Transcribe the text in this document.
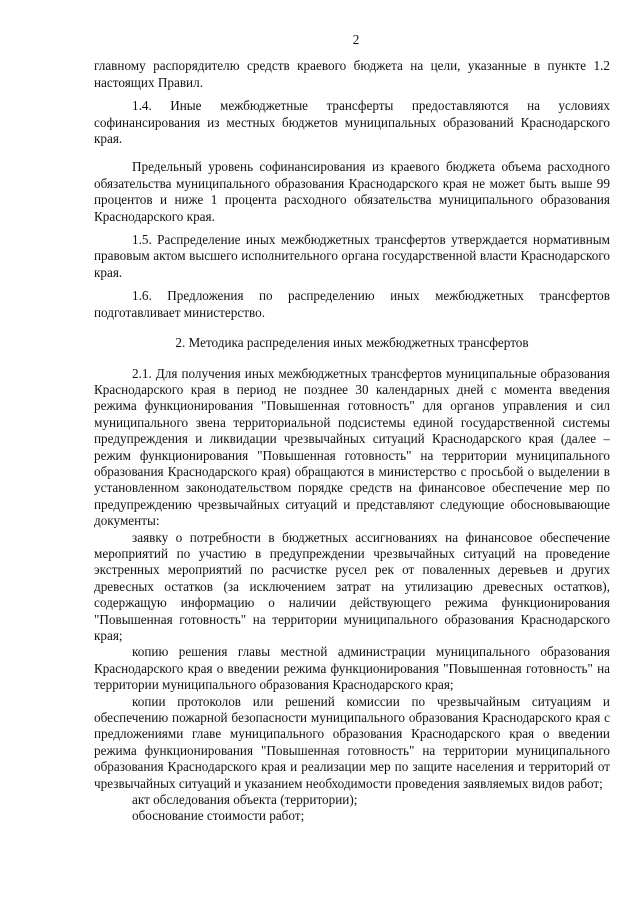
2

главному распорядителю средств краевого бюджета на цели, указанные в пункте 1.2 настоящих Правил.

1.4. Иные межбюджетные трансферты предоставляются на условиях софинансирования из местных бюджетов муниципальных образований Краснодарского края.

Предельный уровень софинансирования из краевого бюджета объема расходного обязательства муниципального образования Краснодарского края не может быть выше 99 процентов и ниже 1 процента расходного обязательства муниципального образования Краснодарского края.

1.5. Распределение иных межбюджетных трансфертов утверждается нормативным правовым актом высшего исполнительного органа государственной власти Краснодарского края.

1.6. Предложения по распределению иных межбюджетных трансфертов подготавливает министерство.

2. Методика распределения иных межбюджетных трансфертов

2.1. Для получения иных межбюджетных трансфертов муниципальные образования Краснодарского края в период не позднее 30 календарных дней с момента введения режима функционирования "Повышенная готовность" для органов управления и сил муниципального звена территориальной подсистемы единой государственной системы предупреждения и ликвидации чрезвычайных ситуаций Краснодарского края (далее – режим функционирования "Повышенная готовность" на территории муниципального образования Краснодарского края) обращаются в министерство с просьбой о выделении в установленном законодательством порядке средств на финансовое обеспечение мер по предупреждению чрезвычайных ситуаций и представляют следующие обосновывающие документы:

заявку о потребности в бюджетных ассигнованиях на финансовое обеспечение мероприятий по участию в предупреждении чрезвычайных ситуаций на проведение экстренных мероприятий по расчистке русел рек от поваленных деревьев и других древесных остатков (за исключением затрат на утилизацию древесных остатков), содержащую информацию о наличии действующего режима функционирования "Повышенная готовность" на территории муниципального образования Краснодарского края;

копию решения главы местной администрации муниципального образования Краснодарского края о введении режима функционирования "Повышенная готовность" на территории муниципального образования Краснодарского края;

копии протоколов или решений комиссии по чрезвычайным ситуациям и обеспечению пожарной безопасности муниципального образования Краснодарского края с предложениями главе муниципального образования Краснодарского края о введении режима функционирования "Повышенная готовность" на территории муниципального образования Краснодарского края и реализации мер по защите населения и территорий от чрезвычайных ситуаций и указанием необходимости проведения заявляемых видов работ;

акт обследования объекта (территории);

обоснование стоимости работ;
